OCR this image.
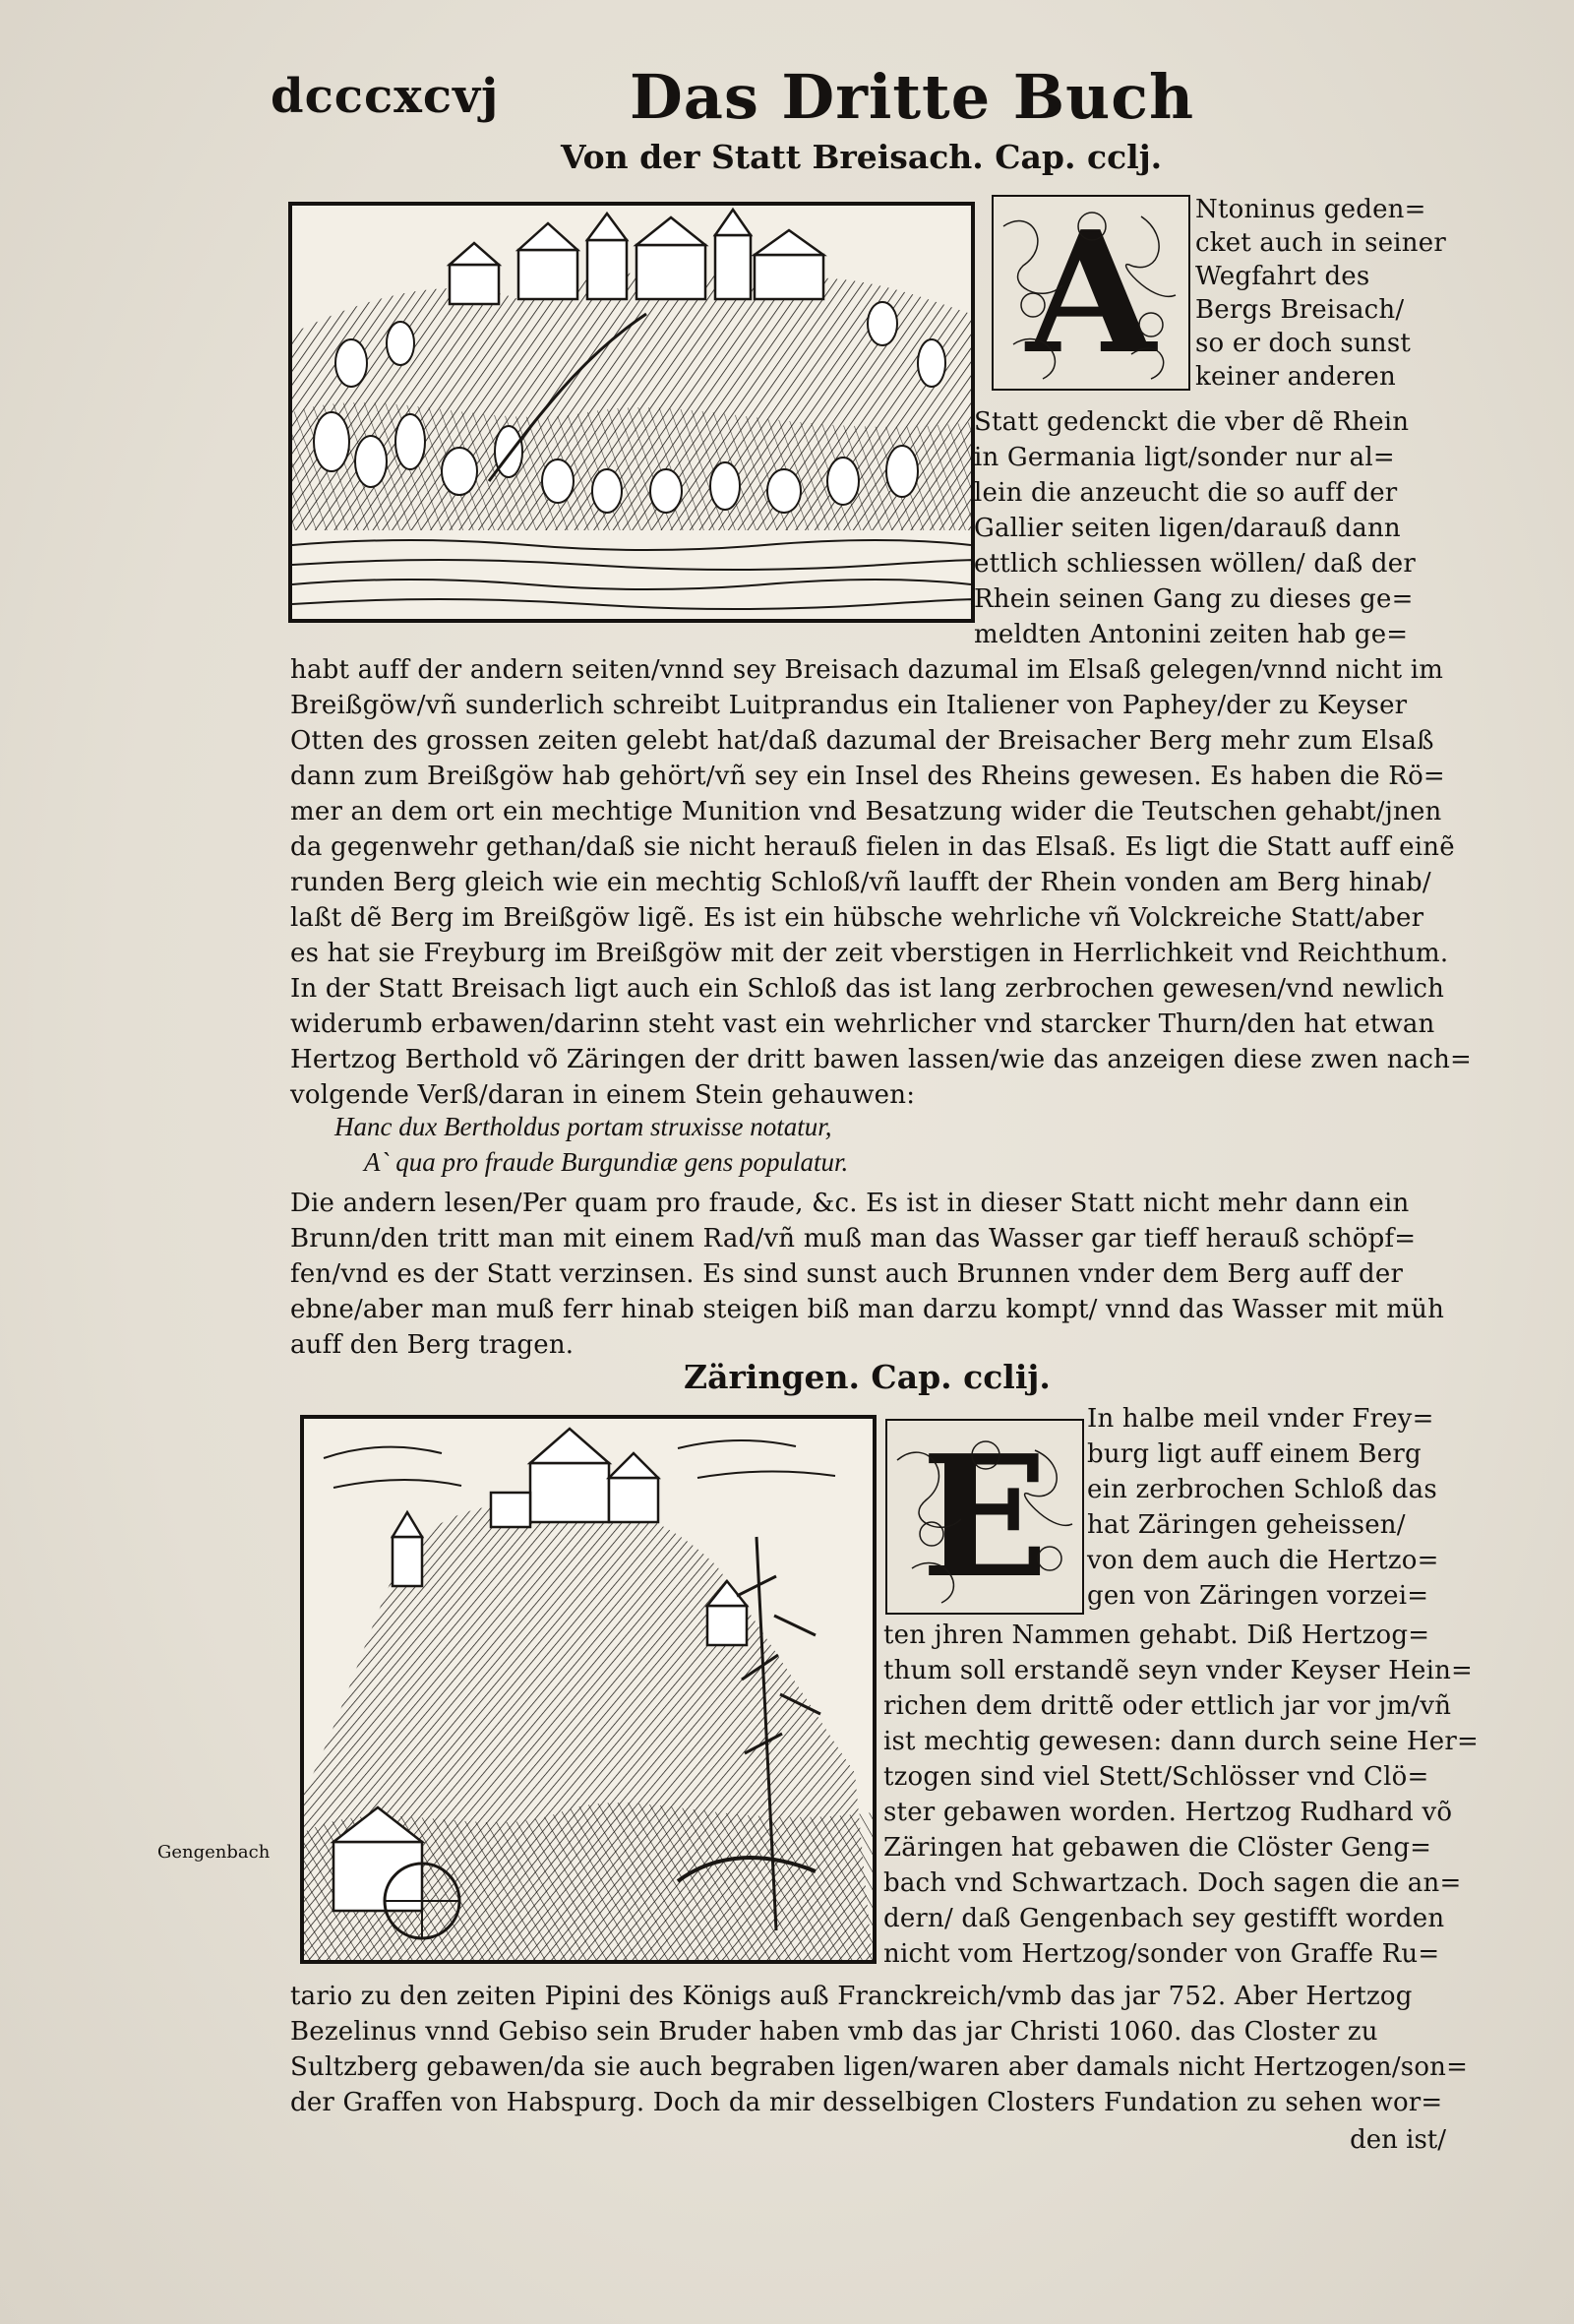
dcccxcvj Das Dritte Buch
Von der Statt Breisach. Cap. cclj.
A Ntoninus geden=
cket auch in seiner
Wegfahrt des
Bergs Breisach/
so er doch sunst
keiner anderen
Statt gedenckt die vber dẽ Rhein
in Germania ligt/sonder nur al=
lein die anzeucht die so auff der
Gallier seiten ligen/darauß dann
ettlich schliessen wöllen/ daß der
Rhein seinen Gang zu dieses ge=
meldten Antonini zeiten hab ge=
habt auff der andern seiten/vnnd sey Breisach dazumal im Elsaß gelegen/vnnd nicht im
Breißgöw/vñ sunderlich schreibt Luitprandus ein Italiener von Paphey/der zu Keyser
Otten des grossen zeiten gelebt hat/daß dazumal der Breisacher Berg mehr zum Elsaß
dann zum Breißgöw hab gehört/vñ sey ein Insel des Rheins gewesen. Es haben die Rö=
mer an dem ort ein mechtige Munition vnd Besatzung wider die Teutschen gehabt/jnen
da gegenwehr gethan/daß sie nicht herauß fielen in das Elsaß. Es ligt die Statt auff einẽ
runden Berg gleich wie ein mechtig Schloß/vñ laufft der Rhein vonden am Berg hinab/
laßt dẽ Berg im Breißgöw ligẽ. Es ist ein hübsche wehrliche vñ Volckreiche Statt/aber
es hat sie Freyburg im Breißgöw mit der zeit vberstigen in Herrlichkeit vnd Reichthum.
In der Statt Breisach ligt auch ein Schloß das ist lang zerbrochen gewesen/vnd newlich
widerumb erbawen/darinn steht vast ein wehrlicher vnd starcker Thurn/den hat etwan
Hertzog Berthold võ Zäringen der dritt bawen lassen/wie das anzeigen diese zwen nach=
volgende Verß/daran in einem Stein gehauwen:
Hanc dux Bertholdus portam struxisse notatur,
A` qua pro fraude Burgundiæ gens populatur.
Die andern lesen/Per quam pro fraude, &c. Es ist in dieser Statt nicht mehr dann ein
Brunn/den tritt man mit einem Rad/vñ muß man das Wasser gar tieff herauß schöpf=
fen/vnd es der Statt verzinsen. Es sind sunst auch Brunnen vnder dem Berg auff der
ebne/aber man muß ferr hinab steigen biß man darzu kompt/ vnnd das Wasser mit müh
auff den Berg tragen.
Zäringen. Cap. cclij.
E In halbe meil vnder Frey=
burg ligt auff einem Berg
ein zerbrochen Schloß das
hat Zäringen geheissen/
von dem auch die Hertzo=
gen von Zäringen vorzei=
ten jhren Nammen gehabt. Diß Hertzog=
thum soll erstandẽ seyn vnder Keyser Hein=
richen dem drittẽ oder ettlich jar vor jm/vñ
ist mechtig gewesen: dann durch seine Her=
tzogen sind viel Stett/Schlösser vnd Clö=
ster gebawen worden. Hertzog Rudhard võ
Zäringen hat gebawen die Clöster Geng=
bach vnd Schwartzach. Doch sagen die an=
dern/ daß Gengenbach sey gestifft worden
nicht vom Hertzog/sonder von Graffe Ru=
Gengenbach
tario zu den zeiten Pipini des Königs auß Franckreich/vmb das jar 752. Aber Hertzog
Bezelinus vnnd Gebiso sein Bruder haben vmb das jar Christi 1060. das Closter zu
Sultzberg gebawen/da sie auch begraben ligen/waren aber damals nicht Hertzogen/son=
der Graffen von Habspurg. Doch da mir desselbigen Closters Fundation zu sehen wor=
den ist/
